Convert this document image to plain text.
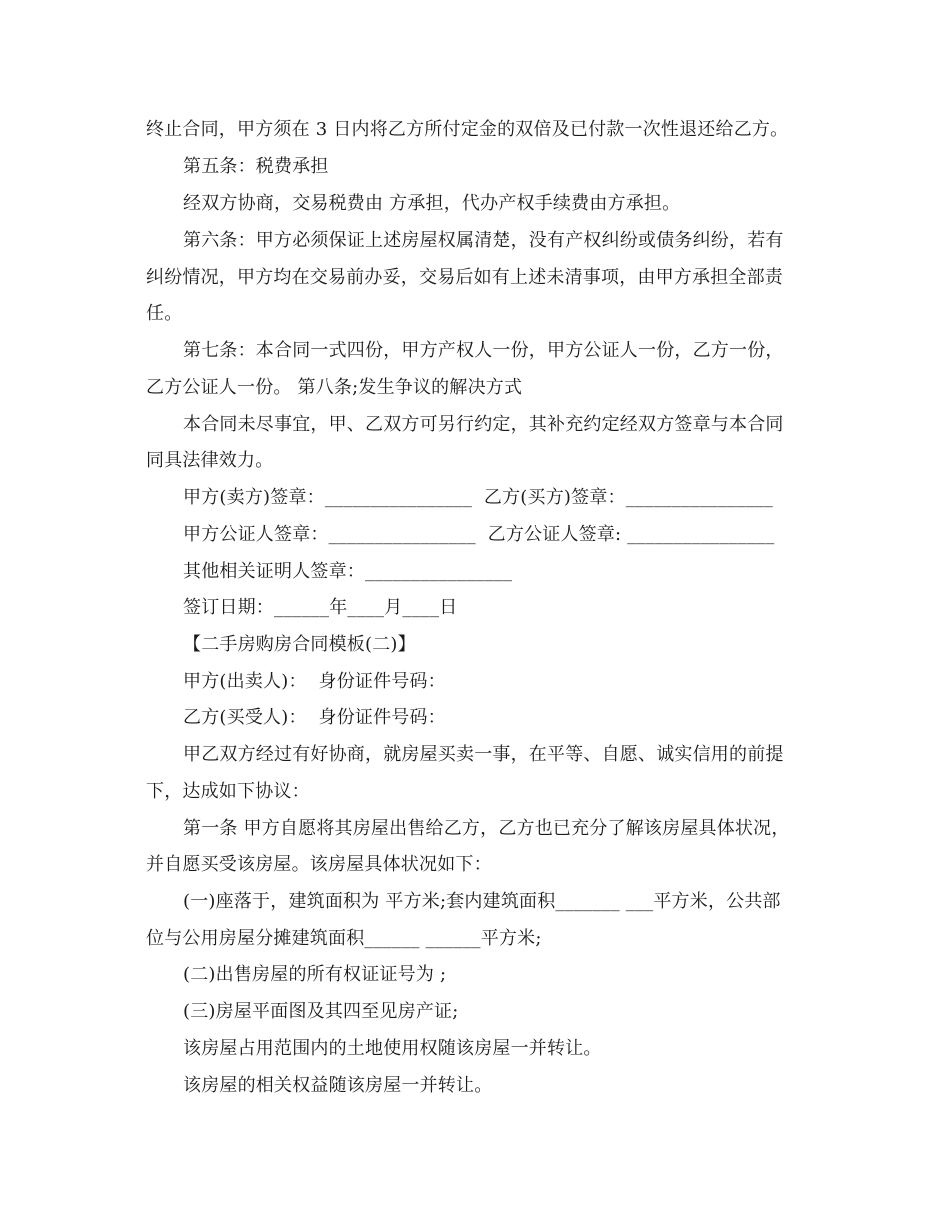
终止合同，甲方须在 3 日内将乙方所付定金的双倍及已付款一次性退还给乙方。
第五条：税费承担
经双方协商，交易税费由 方承担，代办产权手续费由方承担。
第六条：甲方必须保证上述房屋权属清楚，没有产权纠纷或债务纠纷，若有
纠纷情况，甲方均在交易前办妥，交易后如有上述未清事项，由甲方承担全部责
任。
第七条：本合同一式四份，甲方产权人一份，甲方公证人一份，乙方一份，
乙方公证人一份。 第八条;发生争议的解决方式
本合同未尽事宜，甲、乙双方可另行约定，其补充约定经双方签章与本合同
同具法律效力。
甲方(卖方)签章：________________  乙方(买方)签章：________________
甲方公证人签章：________________  乙方公证人签章: ________________
其他相关证明人签章：________________
签订日期：______年____月____日
【二手房购房合同模板(二)】
甲方(出卖人)：  身份证件号码：
乙方(买受人)：  身份证件号码：
甲乙双方经过有好协商，就房屋买卖一事，在平等、自愿、诚实信用的前提
下，达成如下协议：
第一条 甲方自愿将其房屋出售给乙方，乙方也已充分了解该房屋具体状况，
并自愿买受该房屋。该房屋具体状况如下：
(一)座落于，建筑面积为 平方米;套内建筑面积_______ ___平方米，公共部
位与公用房屋分摊建筑面积______ ______平方米;
(二)出售房屋的所有权证证号为 ;
(三)房屋平面图及其四至见房产证;
该房屋占用范围内的土地使用权随该房屋一并转让。
该房屋的相关权益随该房屋一并转让。
